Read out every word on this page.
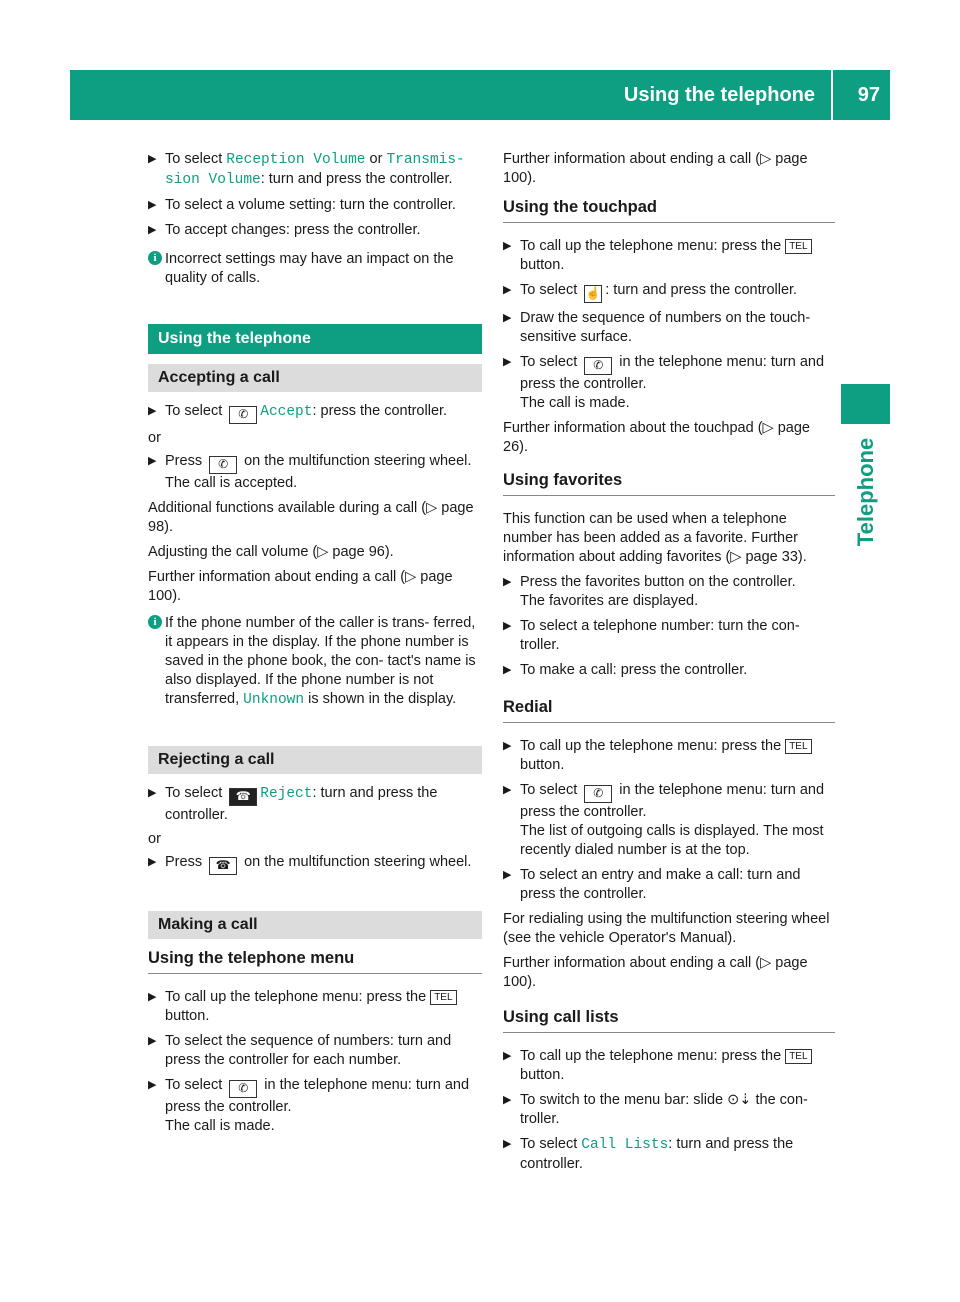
Using the telephone 97
Telephone
▶ To select Reception Volume or Transmis‐
sion Volume: turn and press the controller.
▶ To select a volume setting: turn the controller.
▶ To accept changes: press the controller.
i Incorrect settings may have an impact on the quality of calls.
Using the telephone
Accepting a call
▶ To select ✆ Accept: press the controller.
or
▶ Press ✆ on the multifunction steering wheel.
The call is accepted.
Additional functions available during a call (▷ page 98).
Adjusting the call volume (▷ page 96).
Further information about ending a call (▷ page 100).
i If the phone number of the caller is trans‐ ferred, it appears in the display. If the phone number is saved in the phone book, the con‐ tact's name is also displayed. If the phone number is not transferred, Unknown is shown in the display.
Rejecting a call
▶ To select ☎ Reject: turn and press the controller.
or
▶ Press ☎ on the multifunction steering wheel.
Making a call
Using the telephone menu
▶ To call up the telephone menu: press the TEL button.
▶ To select the sequence of numbers: turn and press the controller for each number.
▶ To select ✆ in the telephone menu: turn and press the controller.
The call is made.
Further information about ending a call (▷ page 100).
Using the touchpad
▶ To call up the telephone menu: press the TEL button.
▶ To select ☝ : turn and press the controller.
▶ Draw the sequence of numbers on the touch‐ sensitive surface.
▶ To select ✆ in the telephone menu: turn and press the controller.
The call is made.
Further information about the touchpad (▷ page 26).
Using favorites
This function can be used when a telephone number has been added as a favorite. Further information about adding favorites (▷ page 33).
▶ Press the favorites button on the controller.
The favorites are displayed.
▶ To select a telephone number: turn the con‐ troller.
▶ To make a call: press the controller.
Redial
▶ To call up the telephone menu: press the TEL button.
▶ To select ✆ in the telephone menu: turn and press the controller.
The list of outgoing calls is displayed. The most recently dialed number is at the top.
▶ To select an entry and make a call: turn and press the controller.
For redialing using the multifunction steering wheel (see the vehicle Operator's Manual).
Further information about ending a call (▷ page 100).
Using call lists
▶ To call up the telephone menu: press the TEL button.
▶ To switch to the menu bar: slide ⊙⇣ the con‐ troller.
▶ To select Call Lists: turn and press the controller.
